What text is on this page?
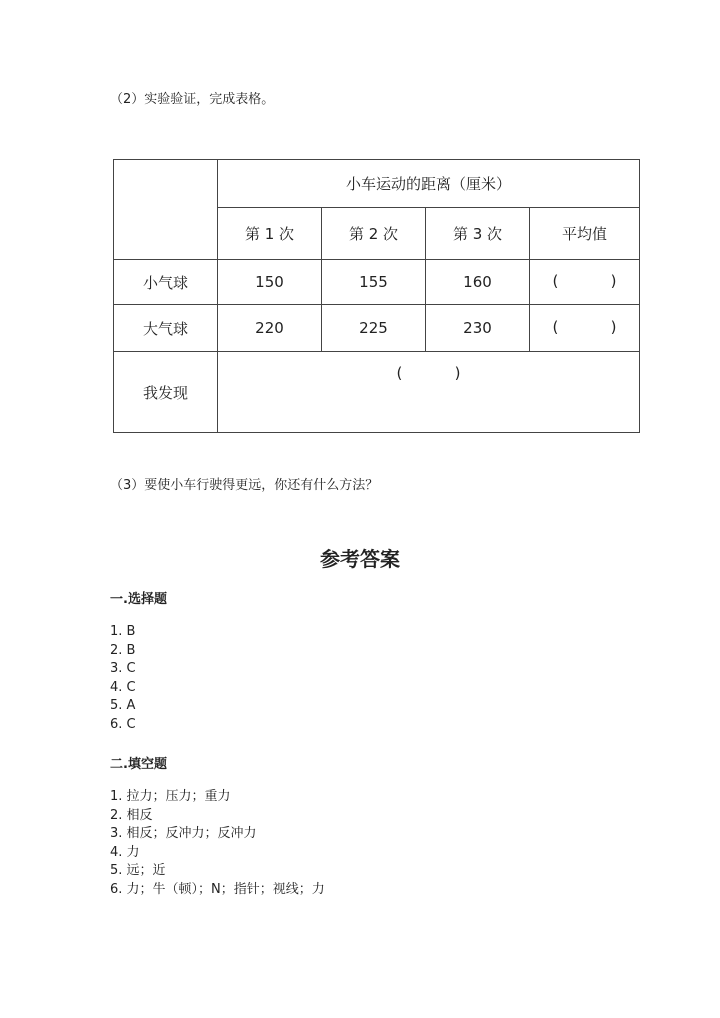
（2）实验验证，完成表格。
	小车运动的距离（厘米）			
	第 1 次	第 2 次	第 3 次	平均值
小气球	150	155	160	( )

大气球	220	225	230	( )

我发现	( )			
（3）要使小车行驶得更远，你还有什么方法？
参考答案
一.选择题
1. B
2. B
3. C
4. C
5. A
6. C
二.填空题
1. 拉力；压力；重力
2. 相反
3. 相反；反冲力；反冲力
4. 力
5. 远；近
6. 力；牛（顿）；N；指针；视线；力
